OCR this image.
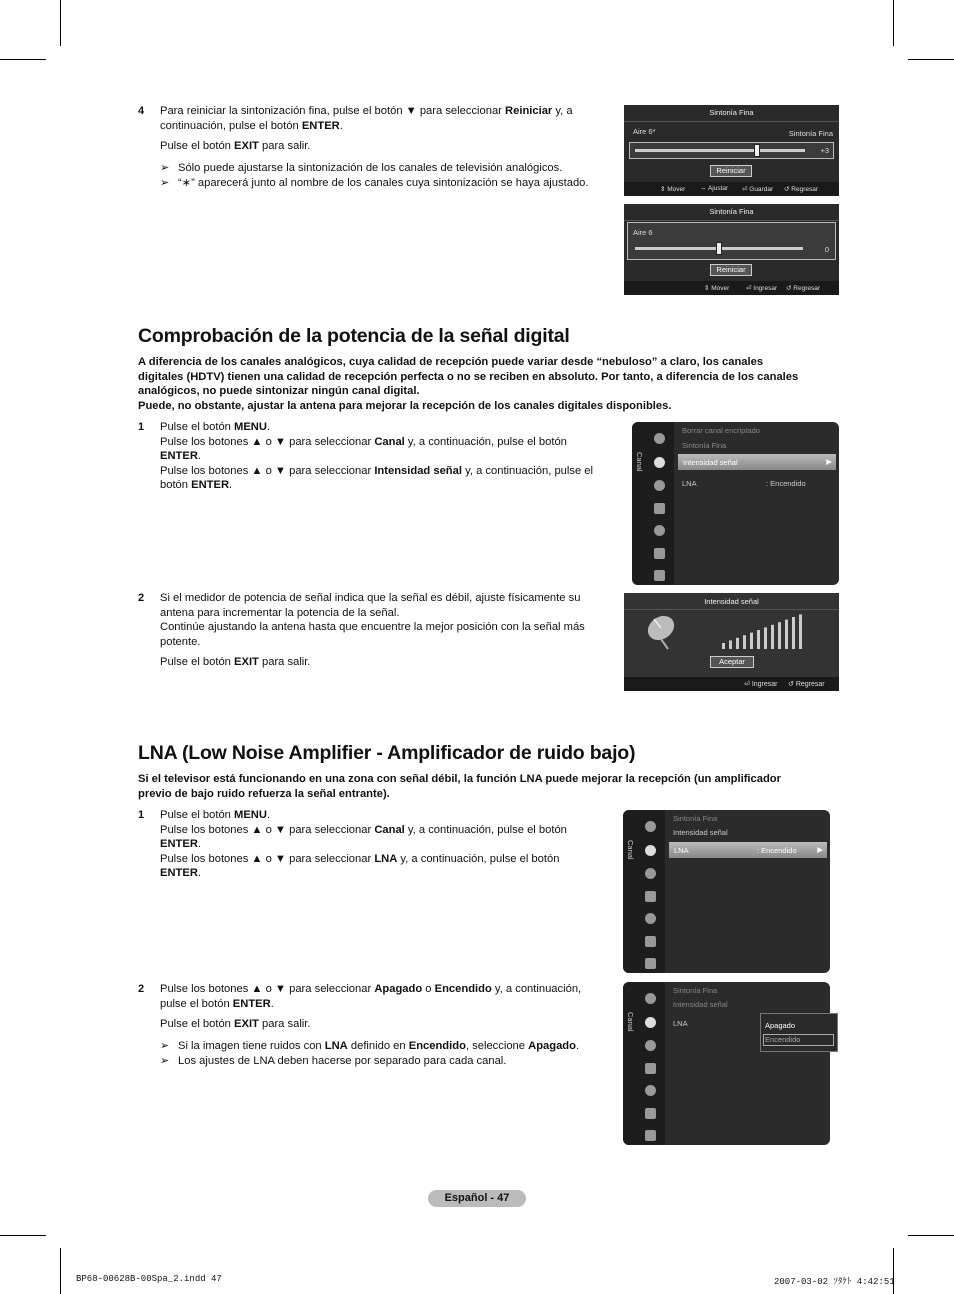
4 Para reiniciar la sintonización fina, pulse el botón ▼ para seleccionar Reiniciar y, a
continuación, pulse el botón ENTER.
Pulse el botón EXIT para salir.
➢ Sólo puede ajustarse la sintonización de los canales de televisión analógicos.
➢ “∗” aparecerá junto al nombre de los canales cuya sintonización se haya ajustado.
Sintonía Fina
Aire 6*	Sintonía Fina
+3
Reiniciar
⇕ Mover ⇔ Ajustar ⏎ Guardar ↺ Regresar
Sintonía Fina
Aire 6
0
Reiniciar
⇕ Mover	⏎ Ingresar ↺ Regresar
Comprobación de la potencia de la señal digital
A diferencia de los canales analógicos, cuya calidad de recepción puede variar desde “nebuloso” a claro, los canales
digitales (HDTV) tienen una calidad de recepción perfecta o no se reciben en absoluto. Por tanto, a diferencia de los canales
analógicos, no puede sintonizar ningún canal digital.
Puede, no obstante, ajustar la antena para mejorar la recepción de los canales digitales disponibles.
1 Pulse el botón MENU.
Pulse los botones ▲ o ▼ para seleccionar Canal y, a continuación, pulse el botón
ENTER.
Pulse los botones ▲ o ▼ para seleccionar Intensidad señal y, a continuación, pulse el
botón ENTER.
Canal
Borrar canal encriptado
Sintonía Fina
Intensidad señal	▶
LNA	: Encendido
2 Si el medidor de potencia de señal indica que la señal es débil, ajuste físicamente su
antena para incrementar la potencia de la señal.
Continúe ajustando la antena hasta que encuentre la mejor posición con la señal más
potente.
Pulse el botón EXIT para salir.
Intensidad señal
Aceptar
⏎ Ingresar ↺ Regresar
LNA (Low Noise Amplifier - Amplificador de ruido bajo)
Si el televisor está funcionando en una zona con señal débil, la función LNA puede mejorar la recepción (un amplificador
previo de bajo ruido refuerza la señal entrante).
1 Pulse el botón MENU.
Pulse los botones ▲ o ▼ para seleccionar Canal y, a continuación, pulse el botón
ENTER.
Pulse los botones ▲ o ▼ para seleccionar LNA y, a continuación, pulse el botón
ENTER.
Canal
Sintonía Fina
Intensidad señal
LNA	: Encendido	▶
2 Pulse los botones ▲ o ▼ para seleccionar Apagado o Encendido y, a continuación,
pulse el botón ENTER.
Pulse el botón EXIT para salir.
➢ Si la imagen tiene ruidos con LNA definido en Encendido, seleccione Apagado.
➢ Los ajustes de LNA deben hacerse por separado para cada canal.
Canal
Sintonía Fina
Intensidad señal
LNA	Apagado
Encendido
Español - 47
BP68-00628B-00Spa_2.indd 47	2007-03-02 ｿﾀｹﾄ 4:42:51
